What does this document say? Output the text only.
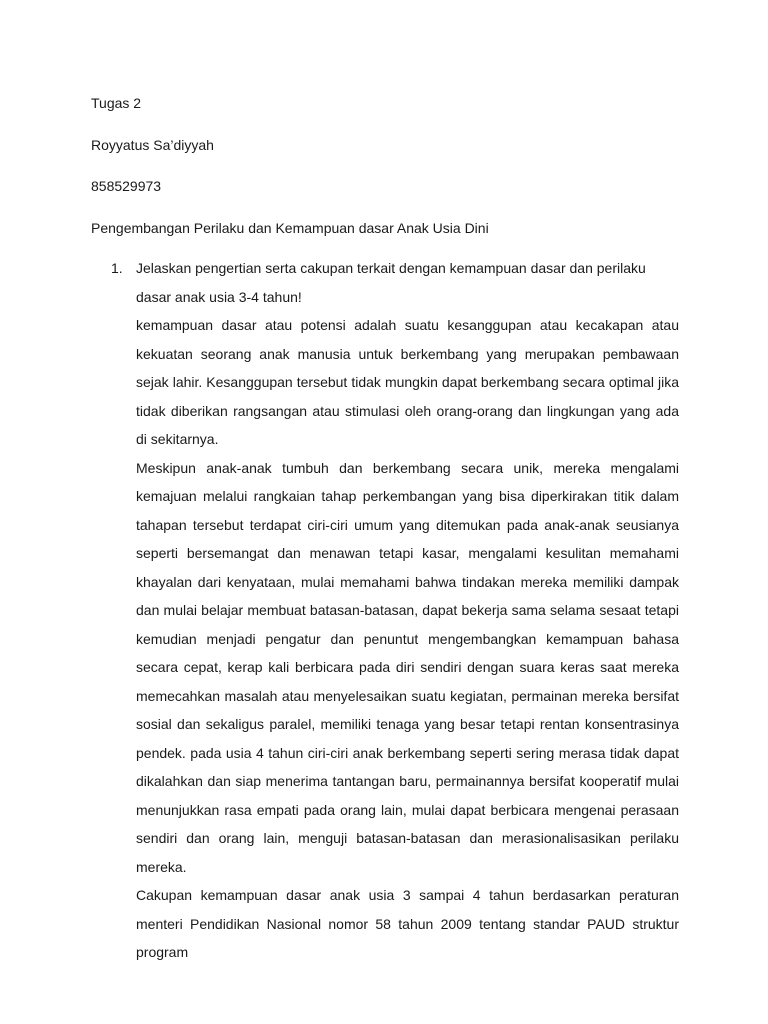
Tugas 2
Royyatus Sa’diyyah
858529973
Pengembangan Perilaku dan Kemampuan dasar Anak Usia Dini
1. Jelaskan pengertian serta cakupan terkait dengan kemampuan dasar dan perilaku dasar anak usia 3-4 tahun!

kemampuan dasar atau potensi adalah suatu kesanggupan atau kecakapan atau kekuatan seorang anak manusia untuk berkembang yang merupakan pembawaan sejak lahir. Kesanggupan tersebut tidak mungkin dapat berkembang secara optimal jika tidak diberikan rangsangan atau stimulasi oleh orang-orang dan lingkungan yang ada di sekitarnya.

Meskipun anak-anak tumbuh dan berkembang secara unik, mereka mengalami kemajuan melalui rangkaian tahap perkembangan yang bisa diperkirakan titik dalam tahapan tersebut terdapat ciri-ciri umum yang ditemukan pada anak-anak seusianya seperti bersemangat dan menawan tetapi kasar, mengalami kesulitan memahami khayalan dari kenyataan, mulai memahami bahwa tindakan mereka memiliki dampak dan mulai belajar membuat batasan-batasan, dapat bekerja sama selama sesaat tetapi kemudian menjadi pengatur dan penuntut mengembangkan kemampuan bahasa secara cepat, kerap kali berbicara pada diri sendiri dengan suara keras saat mereka memecahkan masalah atau menyelesaikan suatu kegiatan, permainan mereka bersifat sosial dan sekaligus paralel, memiliki tenaga yang besar tetapi rentan konsentrasinya pendek. pada usia 4 tahun ciri-ciri anak berkembang seperti sering merasa tidak dapat dikalahkan dan siap menerima tantangan baru, permainannya bersifat kooperatif mulai menunjukkan rasa empati pada orang lain, mulai dapat berbicara mengenai perasaan sendiri dan orang lain, menguji batasan-batasan dan merasionalisasikan perilaku mereka.

Cakupan kemampuan dasar anak usia 3 sampai 4 tahun berdasarkan peraturan menteri Pendidikan Nasional nomor 58 tahun 2009 tentang standar PAUD struktur program
